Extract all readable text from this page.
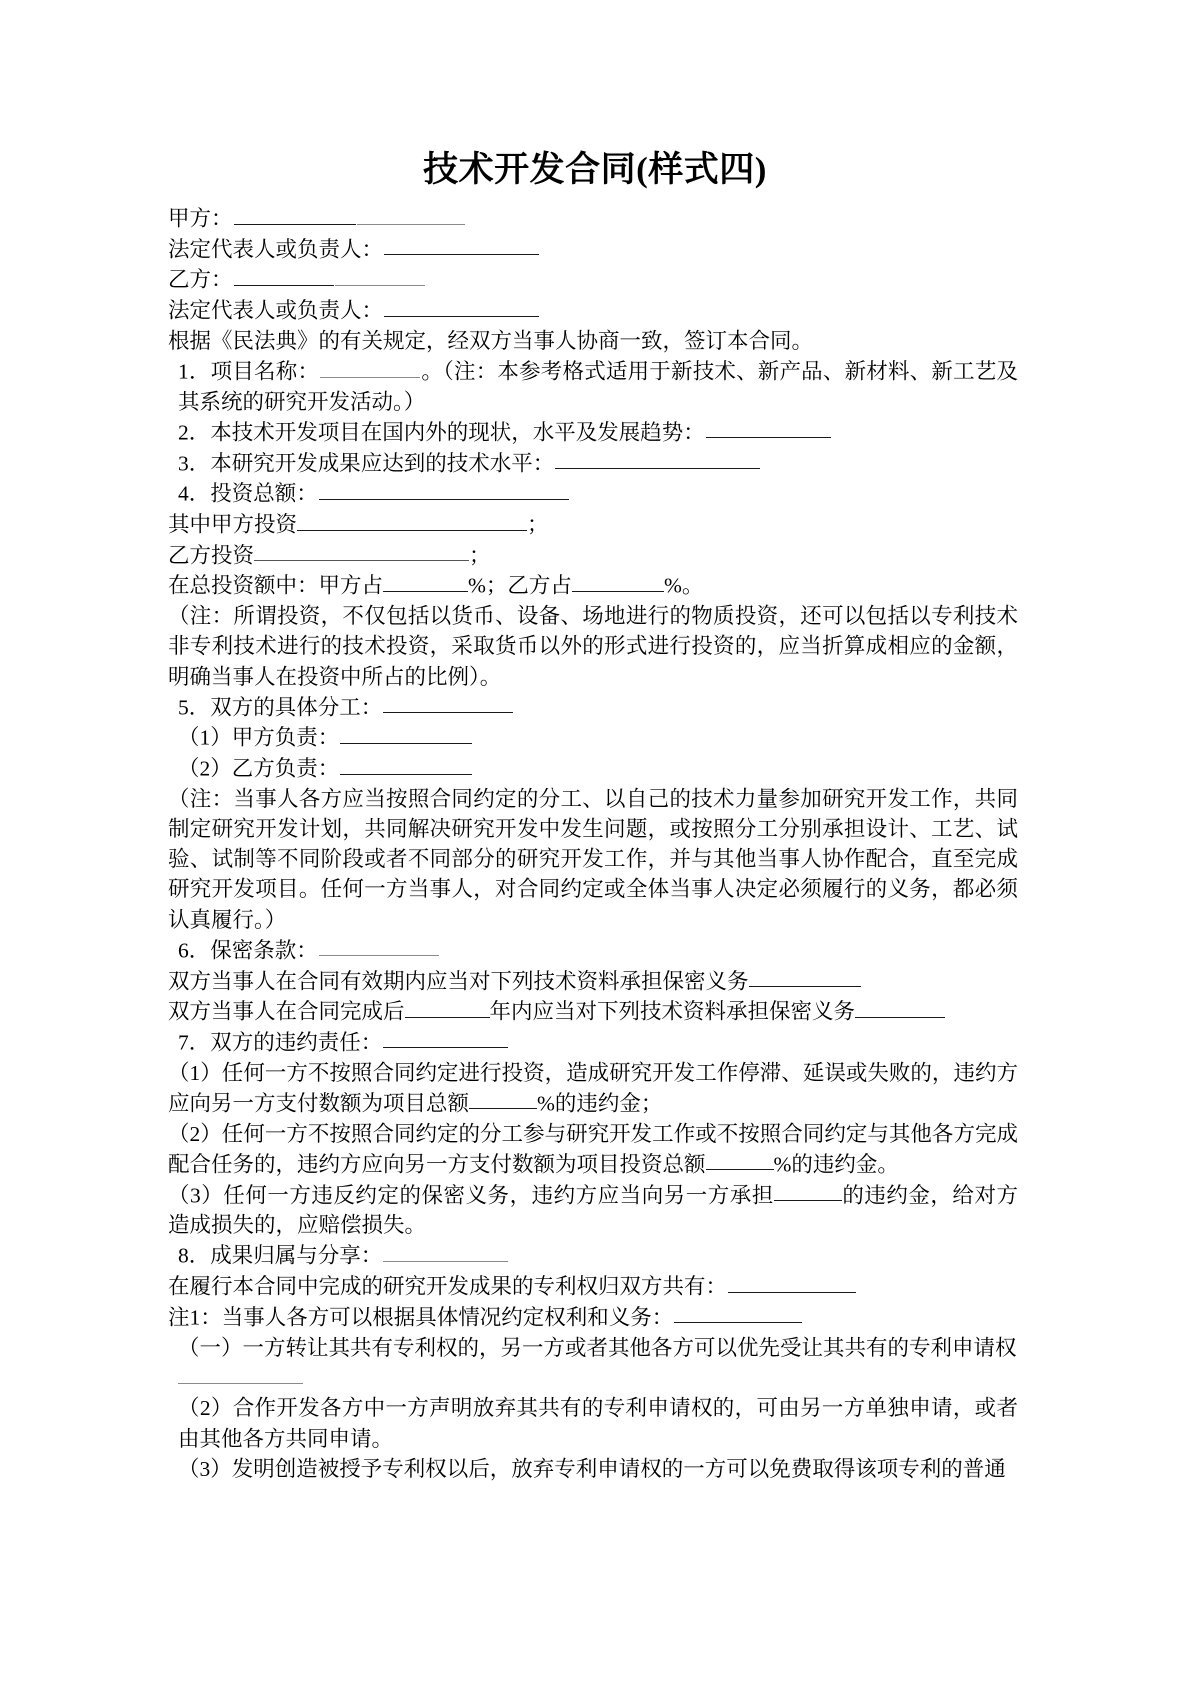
技术开发合同(样式四)
甲方：
法定代表人或负责人：
乙方：
法定代表人或负责人：
根据《民法典》的有关规定，经双方当事人协商一致，签订本合同。
1．项目名称：	。（注：本参考格式适用于新技术、新产品、新材料、新工艺及其系统的研究开发活动。）
2．本技术开发项目在国内外的现状，水平及发展趋势：
3．本研究开发成果应达到的技术水平：
4．投资总额：
其中甲方投资	；
乙方投资	；
在总投资额中：甲方占	%；乙方占	%。
（注：所谓投资，不仅包括以货币、设备、场地进行的物质投资，还可以包括以专利技术非专利技术进行的技术投资，采取货币以外的形式进行投资的，应当折算成相应的金额，明确当事人在投资中所占的比例）。
5．双方的具体分工：
（1）甲方负责：
（2）乙方负责：
（注：当事人各方应当按照合同约定的分工、以自己的技术力量参加研究开发工作，共同制定研究开发计划，共同解决研究开发中发生问题，或按照分工分别承担设计、工艺、试验、试制等不同阶段或者不同部分的研究开发工作，并与其他当事人协作配合，直至完成研究开发项目。任何一方当事人，对合同约定或全体当事人决定必须履行的义务，都必须认真履行。）
6．保密条款：
双方当事人在合同有效期内应当对下列技术资料承担保密义务
双方当事人在合同完成后	年内应当对下列技术资料承担保密义务
7．双方的违约责任：
（1）任何一方不按照合同约定进行投资，造成研究开发工作停滞、延误或失败的，违约方应向另一方支付数额为项目总额	%的违约金；
（2）任何一方不按照合同约定的分工参与研究开发工作或不按照合同约定与其他各方完成配合任务的，违约方应向另一方支付数额为项目投资总额	%的违约金。
（3）任何一方违反约定的保密义务，违约方应当向另一方承担	的违约金，给对方造成损失的，应赔偿损失。
8．成果归属与分享：
在履行本合同中完成的研究开发成果的专利权归双方共有：
注1：当事人各方可以根据具体情况约定权利和义务：
（一）一方转让其共有专利权的，另一方或者其他各方可以优先受让其共有的专利申请权
（2）合作开发各方中一方声明放弃其共有的专利申请权的，可由另一方单独申请，或者由其他各方共同申请。
（3）发明创造被授予专利权以后，放弃专利申请权的一方可以免费取得该项专利的普通
